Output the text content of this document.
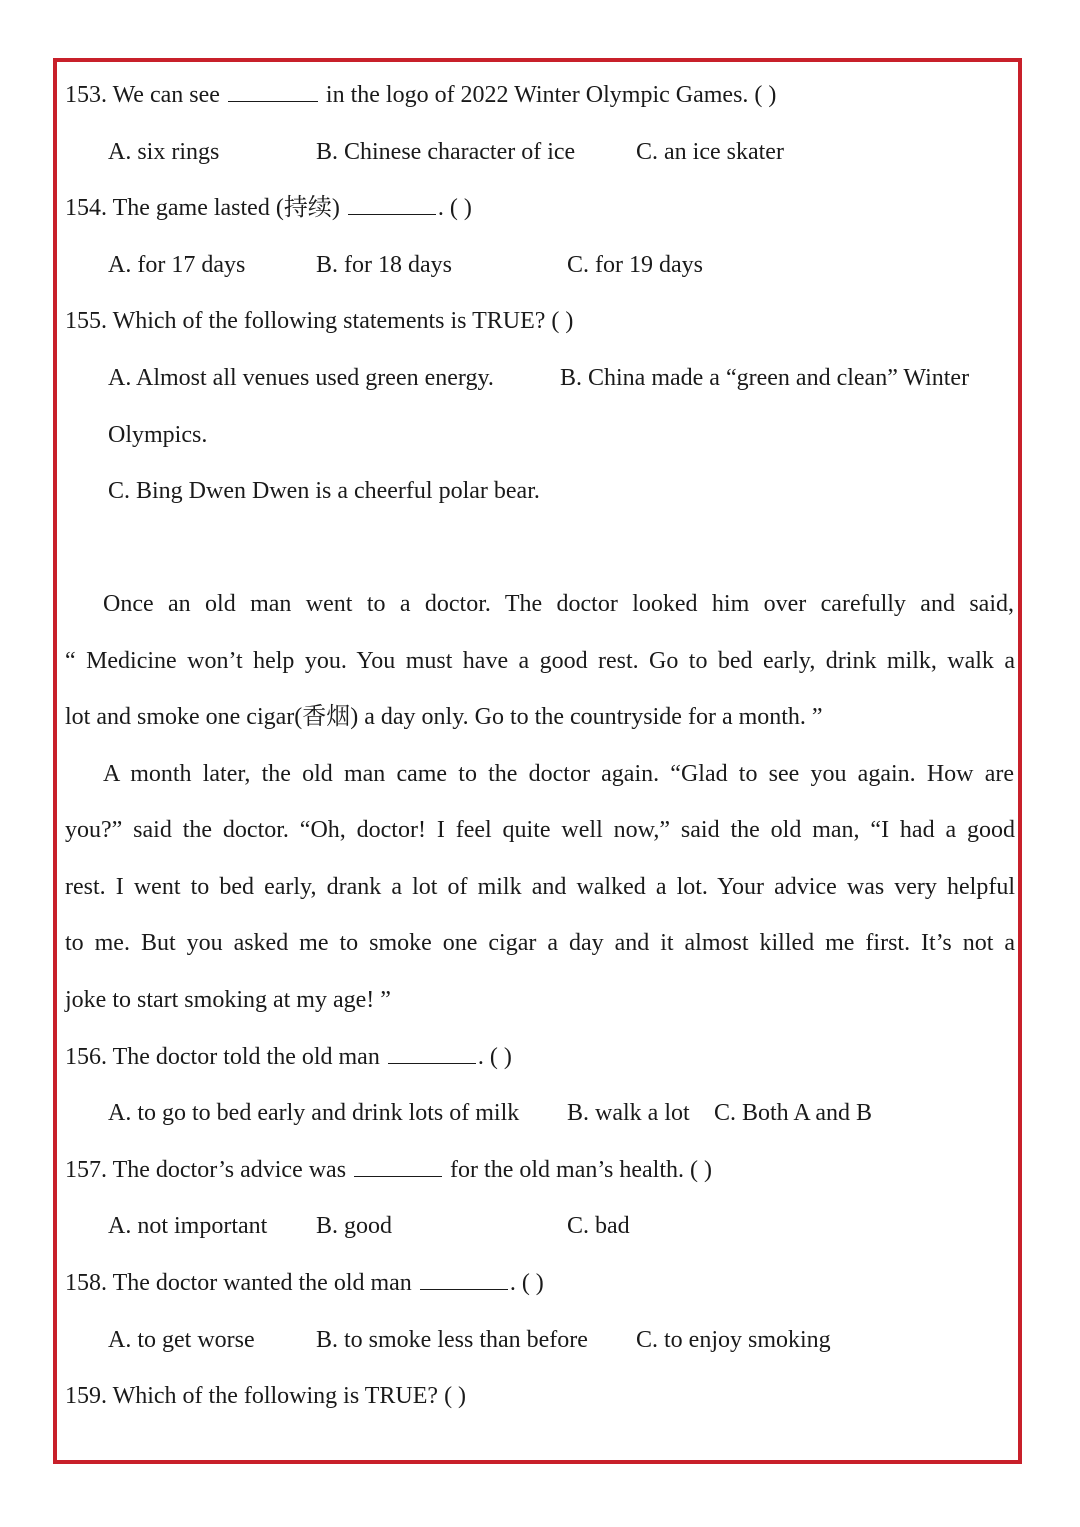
153. We can see	in the logo of 2022 Winter Olympic Games. ( )
A. six rings	B. Chinese character of ice	C. an ice skater
154. The game lasted (持续)	. ( )
A. for 17 days	B. for 18 days	C. for 19 days
155. Which of the following statements is TRUE? ( )
A. Almost all venues used green energy.	B. China made a “green and clean” Winter
Olympics.
C. Bing Dwen Dwen is a cheerful polar bear.
Once an old man went to a doctor. The doctor looked him over carefully and said,
“ Medicine won’t help you. You must have a good rest. Go to bed early, drink milk, walk a
lot and smoke one cigar(香烟) a day only. Go to the countryside for a month. ”
A month later, the old man came to the doctor again. “Glad to see you again. How are
you?” said the doctor. “Oh, doctor! I feel quite well now,” said the old man, “I had a good
rest. I went to bed early, drank a lot of milk and walked a lot. Your advice was very helpful
to me. But you asked me to smoke one cigar a day and it almost killed me first. It’s not a
joke to start smoking at my age! ”
156. The doctor told the old man	. ( )
A. to go to bed early and drink lots of milk B. walk a lot C. Both A and B
157. The doctor’s advice was	for the old man’s health. ( )
A. not important B. good	C. bad
158. The doctor wanted the old man	. ( )
A. to get worse	B. to smoke less than before C. to enjoy smoking
159. Which of the following is TRUE? ( )
